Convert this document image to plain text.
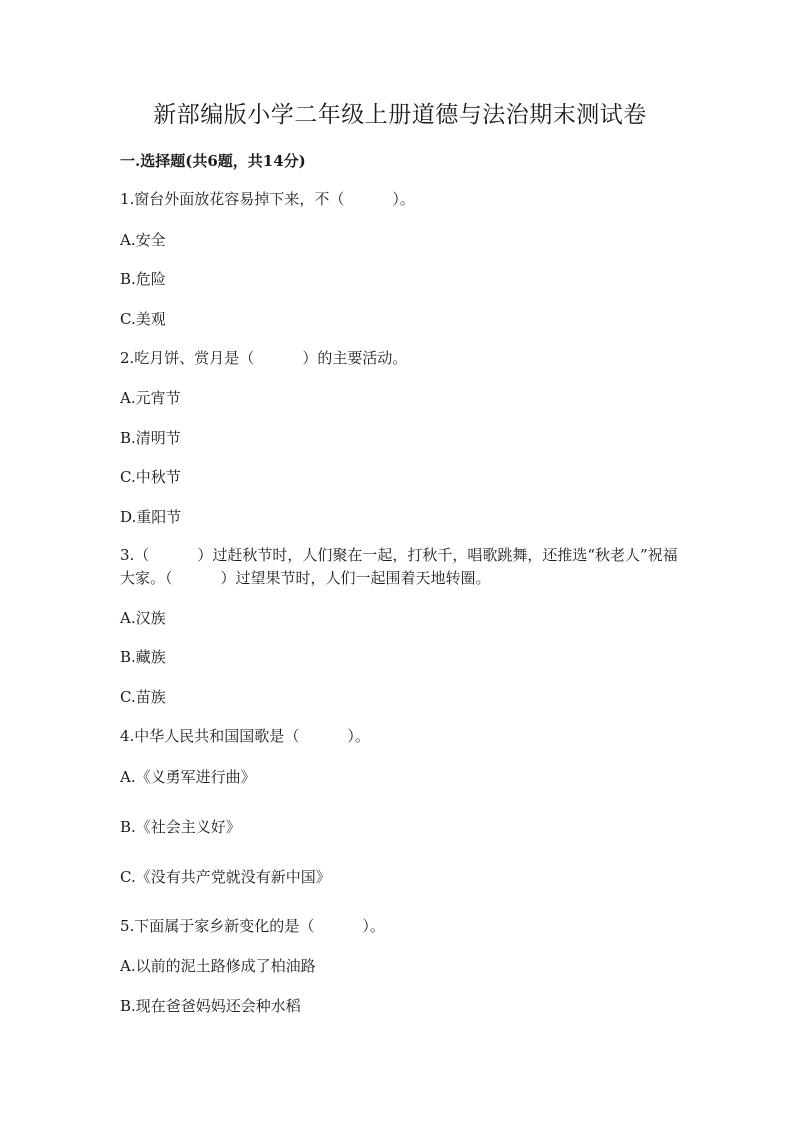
新部编版小学二年级上册道德与法治期末测试卷
一.选择题(共6题，共14分)
1.窗台外面放花容易掉下来，不（	）。
A.安全
B.危险
C.美观
2.吃月饼、赏月是（	）的主要活动。
A.元宵节
B.清明节
C.中秋节
D.重阳节
3.（	）过赶秋节时，人们聚在一起，打秋千，唱歌跳舞，还推选“秋老人”祝福大家。（	）过望果节时，人们一起围着天地转圈。
A.汉族
B.藏族
C.苗族
4.中华人民共和国国歌是（	）。
A.《义勇军进行曲》
B.《社会主义好》
C.《没有共产党就没有新中国》
5.下面属于家乡新变化的是（	）。
A.以前的泥土路修成了柏油路
B.现在爸爸妈妈还会种水稻
